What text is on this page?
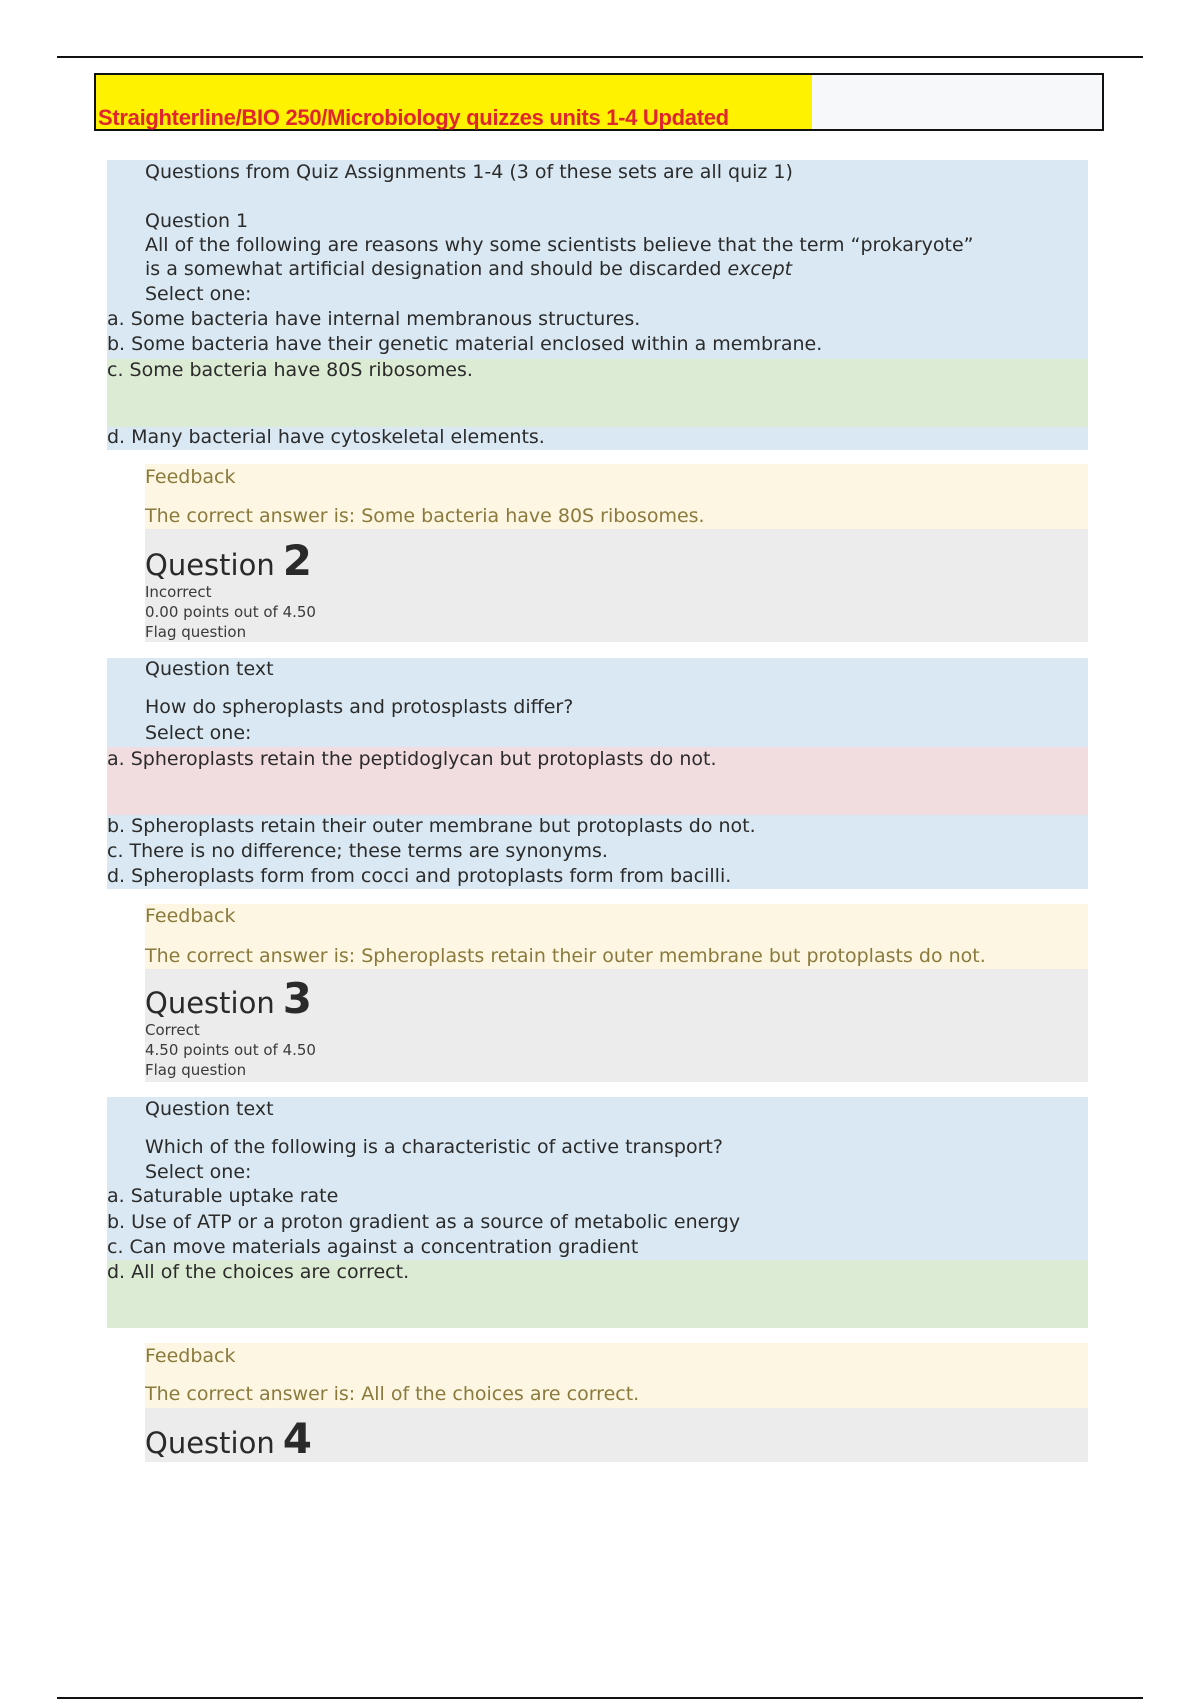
Straighterline/BIO 250/Microbiology quizzes units 1-4 Updated
Questions from Quiz Assignments 1-4 (3 of these sets are all quiz 1)
Question 1
All of the following are reasons why some scientists believe that the term “prokaryote”
is a somewhat artificial designation and should be discarded except
Select one:
a. Some bacteria have internal membranous structures.
b. Some bacteria have their genetic material enclosed within a membrane.
c. Some bacteria have 80S ribosomes.
d. Many bacterial have cytoskeletal elements.
Feedback
The correct answer is: Some bacteria have 80S ribosomes.
Question 2
Incorrect
0.00 points out of 4.50
Flag question
Question text
How do spheroplasts and protosplasts differ?
Select one:
a. Spheroplasts retain the peptidoglycan but protoplasts do not.
b. Spheroplasts retain their outer membrane but protoplasts do not.
c. There is no difference; these terms are synonyms.
d. Spheroplasts form from cocci and protoplasts form from bacilli.
Feedback
The correct answer is: Spheroplasts retain their outer membrane but protoplasts do not.
Question 3
Correct
4.50 points out of 4.50
Flag question
Question text
Which of the following is a characteristic of active transport?
Select one:
a. Saturable uptake rate
b. Use of ATP or a proton gradient as a source of metabolic energy
c. Can move materials against a concentration gradient
d. All of the choices are correct.
Feedback
The correct answer is: All of the choices are correct.
Question 4
